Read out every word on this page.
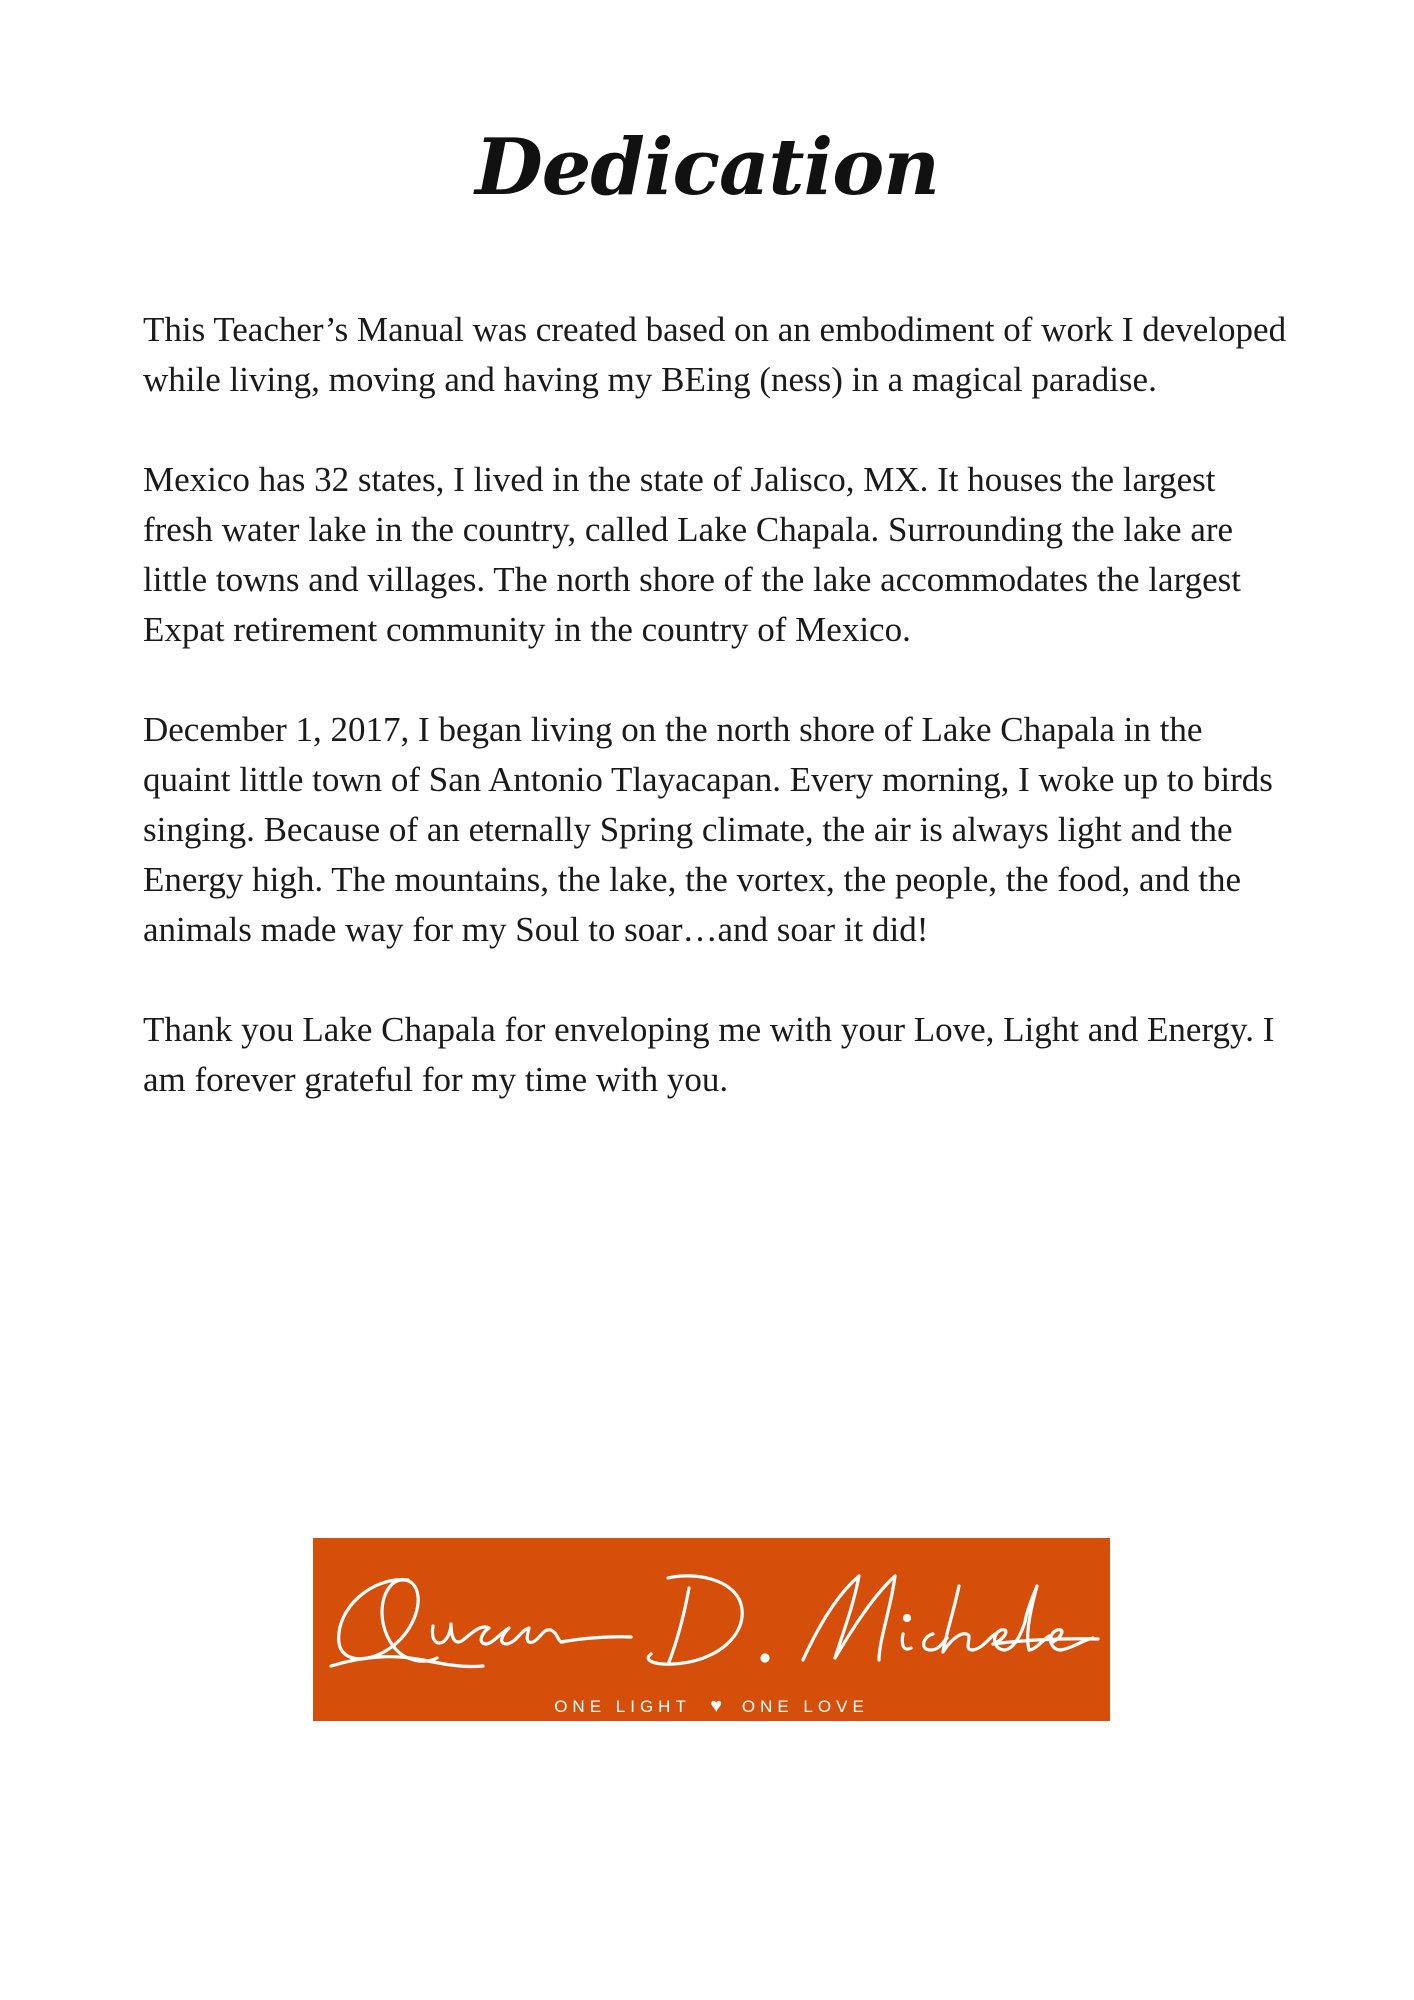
Dedication

This Teacher’s Manual was created based on an embodiment of work I developed while living, moving and having my BEing (ness) in a magical paradise.

Mexico has 32 states, I lived in the state of Jalisco, MX. It houses the largest fresh water lake in the country, called Lake Chapala. Surrounding the lake are little towns and villages. The north shore of the lake accommodates the largest Expat retirement community in the country of Mexico.

December 1, 2017, I began living on the north shore of Lake Chapala in the quaint little town of San Antonio Tlayacapan. Every morning, I woke up to birds singing. Because of an eternally Spring climate, the air is always light and the Energy high. The mountains, the lake, the vortex, the people, the food, and the animals made way for my Soul to soar…and soar it did!

Thank you Lake Chapala for enveloping me with your Love, Light and Energy. I am forever grateful for my time with you.

ONE LIGHT ♥ ONE LOVE
